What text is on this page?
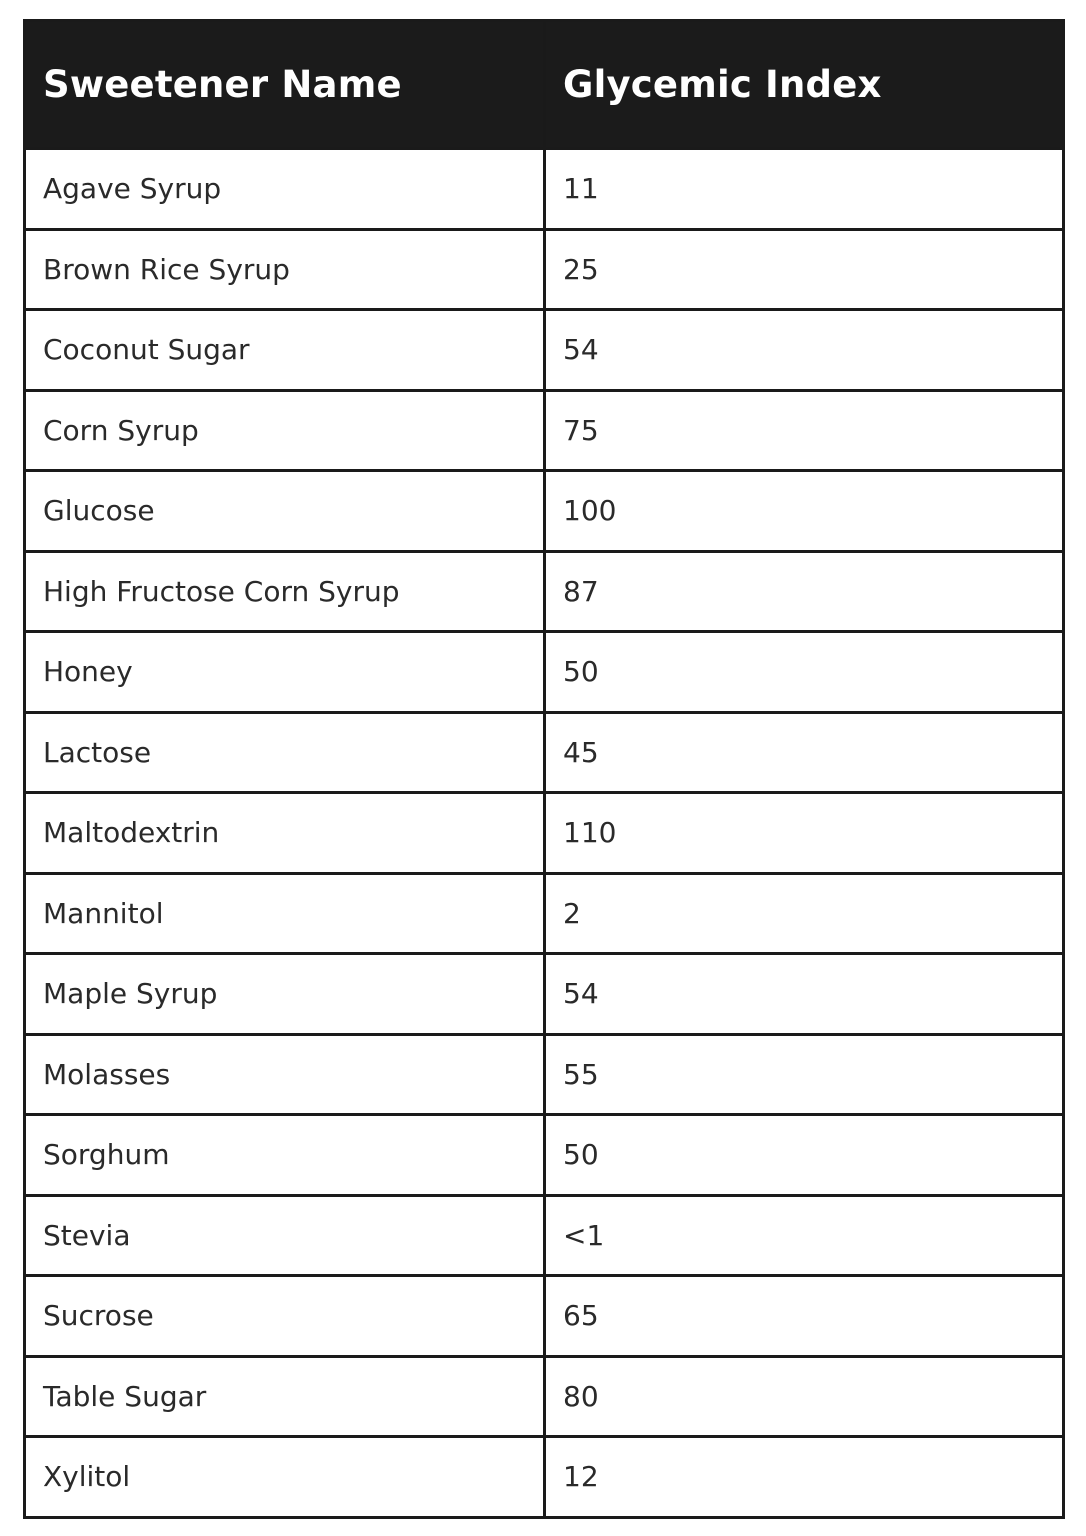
Sweetener Name	Glycemic Index
Agave Syrup	11
Brown Rice Syrup	25
Coconut Sugar	54
Corn Syrup	75
Glucose	100
High Fructose Corn Syrup	87
Honey	50
Lactose	45
Maltodextrin	110
Mannitol	2
Maple Syrup	54
Molasses	55
Sorghum	50
Stevia	<1
Sucrose	65
Table Sugar	80
Xylitol	12
